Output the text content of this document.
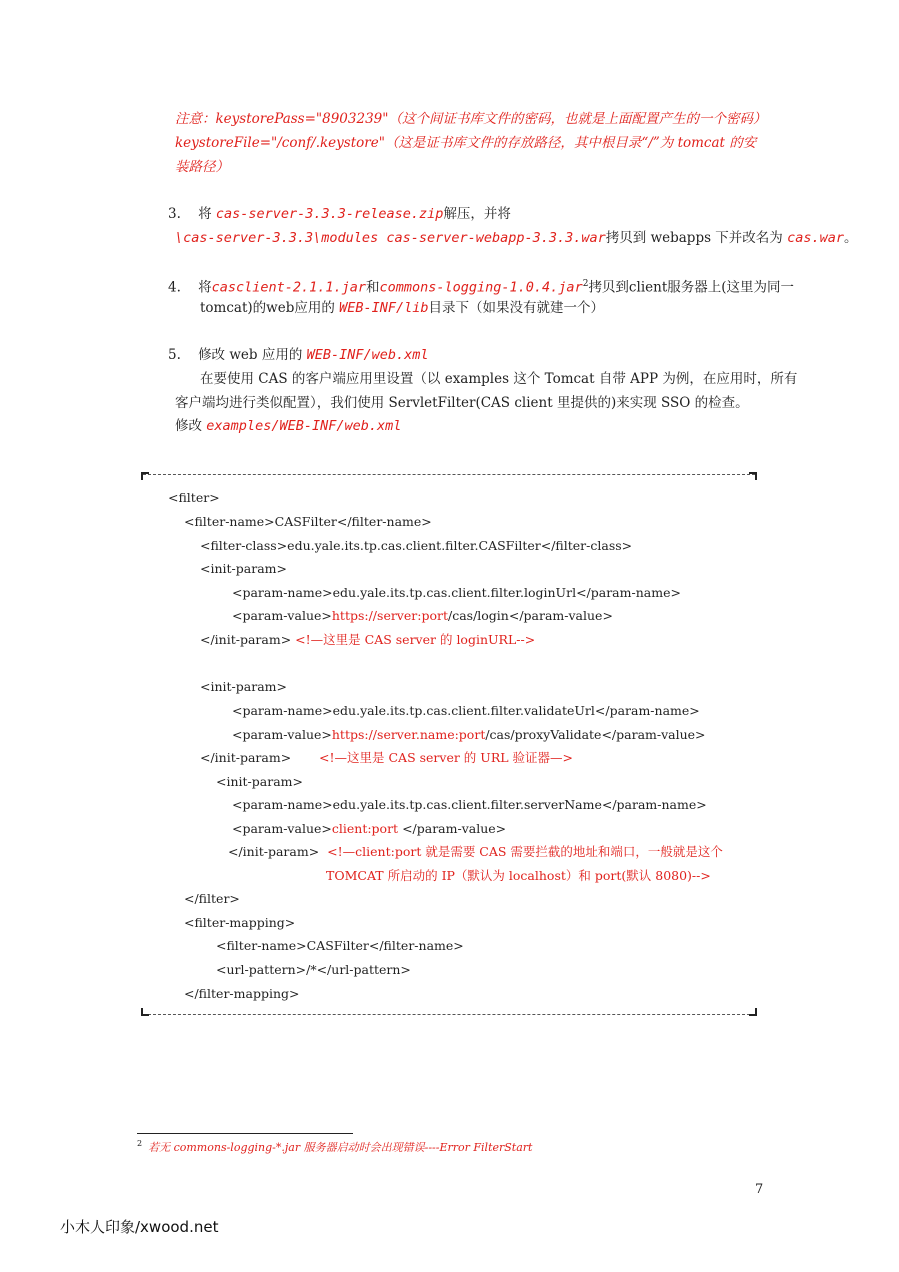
注意：keystorePass="8903239"（这个间证书库文件的密码，也就是上面配置产生的一个密码）
keystoreFile="/conf/.keystore"（这是证书库文件的存放路径，其中根目录“/”为 tomcat 的安
装路径）
3. 将 cas-server-3.3.3-release.zip解压，并将
\cas-server-3.3.3\modules cas-server-webapp-3.3.3.war拷贝到 webapps 下并改名为 cas.war。
4. 将casclient-2.1.1.jar和commons-logging-1.0.4.jar$^2$拷贝到client服务器上(这里为同一
tomcat)的web应用的 WEB-INF/lib目录下（如果没有就建一个）
5. 修改 web 应用的 WEB-INF/web.xml
在要使用 CAS 的客户端应用里设置（以 examples 这个 Tomcat 自带 APP 为例，在应用时，所有
客户端均进行类似配置），我们使用 ServletFilter(CAS client 里提供的)来实现 SSO 的检查。
修改 examples/WEB-INF/web.xml
<filter>
<filter-name>CASFilter</filter-name>
<filter-class>edu.yale.its.tp.cas.client.filter.CASFilter</filter-class>
<init-param>
<param-name>edu.yale.its.tp.cas.client.filter.loginUrl</param-name>
<param-value>https://server:port/cas/login</param-value>
</init-param> <!—这里是 CAS server 的 loginURL-->
<init-param>
<param-name>edu.yale.its.tp.cas.client.filter.validateUrl</param-name>
<param-value>https://server.name:port/cas/proxyValidate</param-value>
</init-param> <!—这里是 CAS server 的 URL 验证器—>
<init-param>
<param-name>edu.yale.its.tp.cas.client.filter.serverName</param-name>
<param-value>client:port </param-value>
</init-param> <!—client:port 就是需要 CAS 需要拦截的地址和端口，一般就是这个
TOMCAT 所启动的 IP（默认为 localhost）和 port(默认 8080)-->
</filter>
<filter-mapping>
<filter-name>CASFilter</filter-name>
<url-pattern>/*</url-pattern>
</filter-mapping>
$^2$ 若无 commons-logging-*.jar 服务器启动时会出现错误----Error FilterStart
7
小木人印象/xwood.net
